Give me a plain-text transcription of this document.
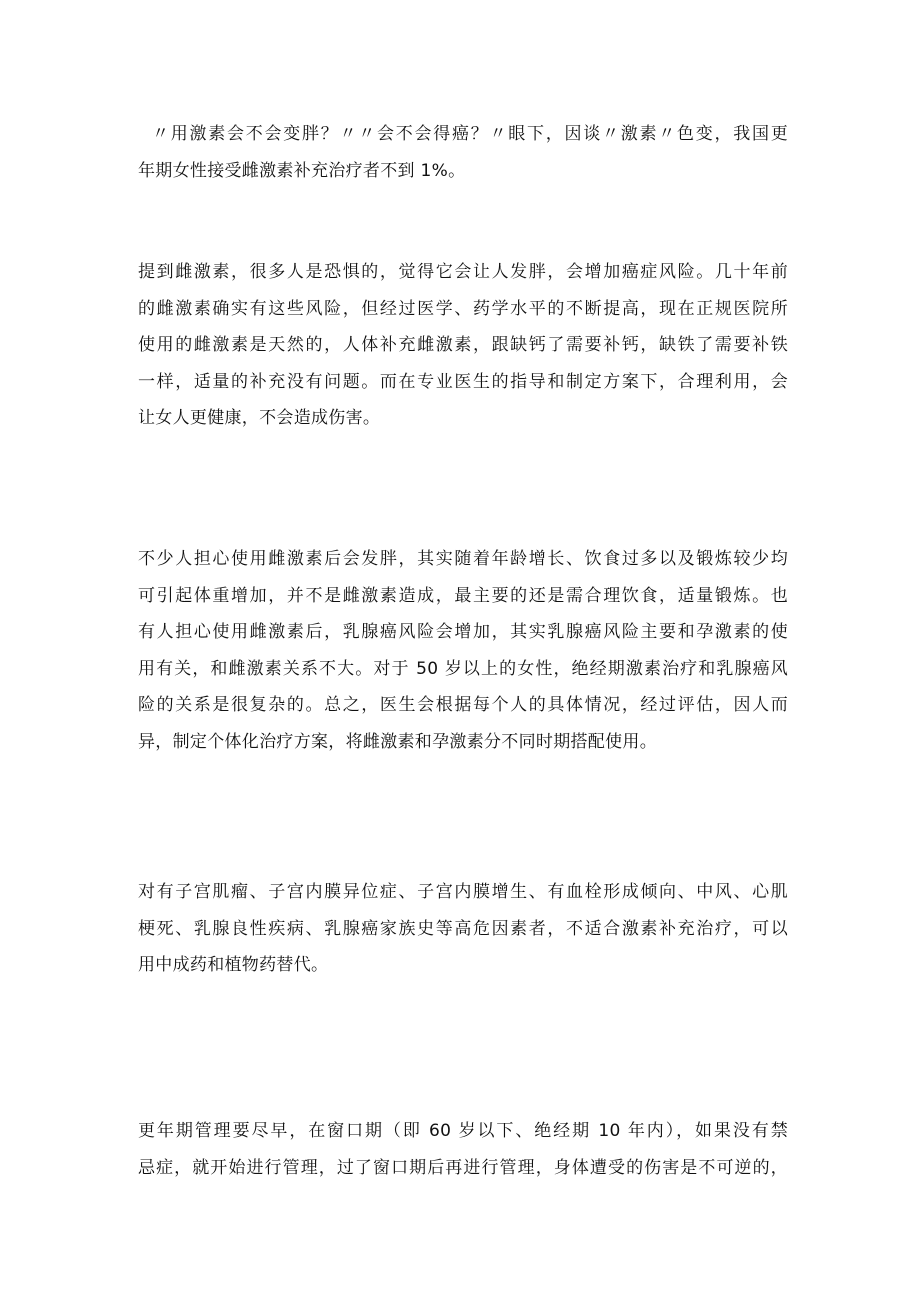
〃用激素会不会变胖？〃〃会不会得癌？〃眼下，因谈〃激素〃色变，我国更
年期女性接受雌激素补充治疗者不到 1%。

提到雌激素，很多人是恐惧的，觉得它会让人发胖，会增加癌症风险。几十年前
的雌激素确实有这些风险，但经过医学、药学水平的不断提高，现在正规医院所
使用的雌激素是天然的，人体补充雌激素，跟缺钙了需要补钙，缺铁了需要补铁
一样，适量的补充没有问题。而在专业医生的指导和制定方案下，合理利用，会
让女人更健康，不会造成伤害。

不少人担心使用雌激素后会发胖，其实随着年龄增长、饮食过多以及锻炼较少均
可引起体重增加，并不是雌激素造成，最主要的还是需合理饮食，适量锻炼。也
有人担心使用雌激素后，乳腺癌风险会增加，其实乳腺癌风险主要和孕激素的使
用有关，和雌激素关系不大。对于 50 岁以上的女性，绝经期激素治疗和乳腺癌风
险的关系是很复杂的。总之，医生会根据每个人的具体情况，经过评估，因人而
异，制定个体化治疗方案，将雌激素和孕激素分不同时期搭配使用。

对有子宫肌瘤、子宫内膜异位症、子宫内膜增生、有血栓形成倾向、中风、心肌
梗死、乳腺良性疾病、乳腺癌家族史等高危因素者，不适合激素补充治疗，可以
用中成药和植物药替代。

更年期管理要尽早，在窗口期（即 60 岁以下、绝经期 10 年内），如果没有禁
忌症，就开始进行管理，过了窗口期后再进行管理，身体遭受的伤害是不可逆的，
